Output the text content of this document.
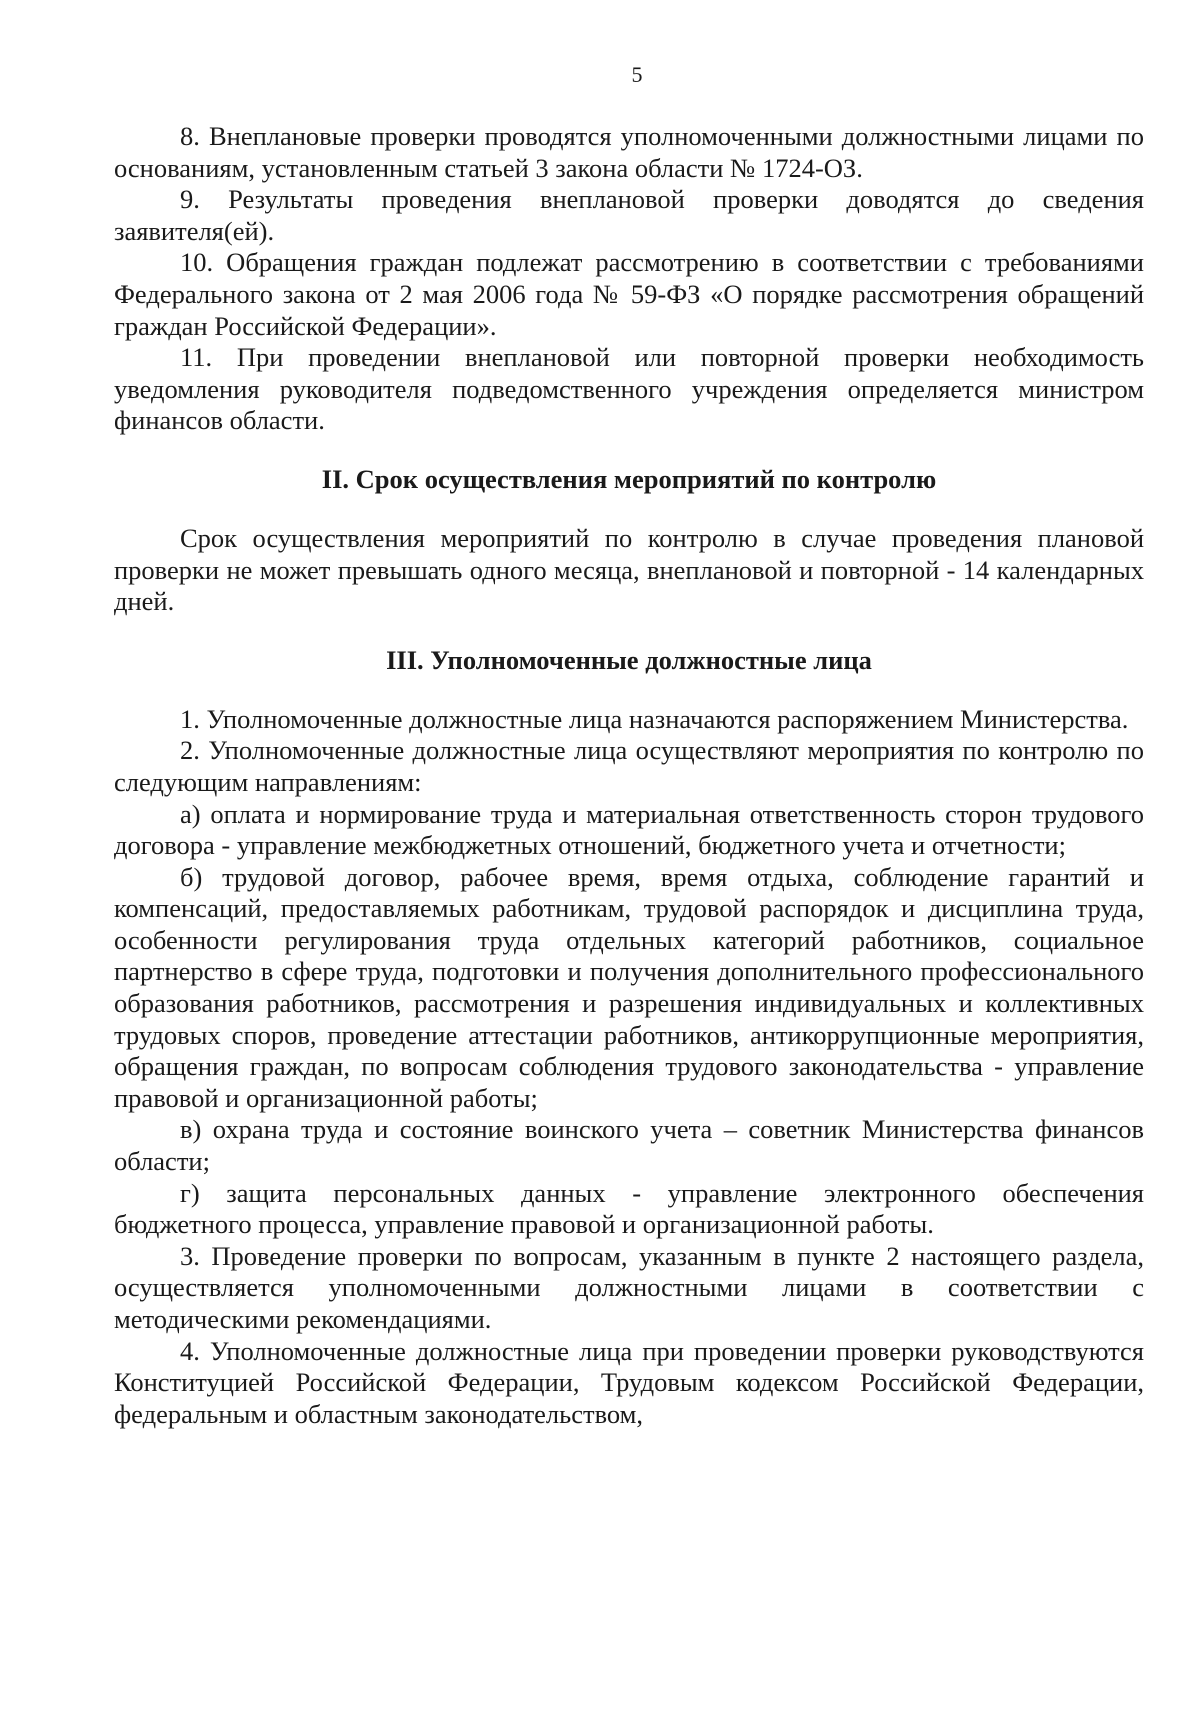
5

8. Внеплановые проверки проводятся уполномоченными должностными лицами по основаниям, установленным статьей 3 закона области № 1724-ОЗ.

9. Результаты проведения внеплановой проверки доводятся до сведения заявителя(ей).

10. Обращения граждан подлежат рассмотрению в соответствии с требованиями Федерального закона от 2 мая 2006 года № 59-ФЗ «О порядке рассмотрения обращений граждан Российской Федерации».

11. При проведении внеплановой или повторной проверки необходимость уведомления руководителя подведомственного учреждения определяется министром финансов области.

II. Срок осуществления мероприятий по контролю

Срок осуществления мероприятий по контролю в случае проведения плановой проверки не может превышать одного месяца, внеплановой и повторной - 14 календарных дней.

III. Уполномоченные должностные лица

1. Уполномоченные должностные лица назначаются распоряжением Министерства.

2. Уполномоченные должностные лица осуществляют мероприятия по контролю по следующим направлениям:

а) оплата и нормирование труда и материальная ответственность сторон трудового договора - управление межбюджетных отношений, бюджетного учета и отчетности;

б) трудовой договор, рабочее время, время отдыха, соблюдение гарантий и компенсаций, предоставляемых работникам, трудовой распорядок и дисциплина труда, особенности регулирования труда отдельных категорий работников, социальное партнерство в сфере труда, подготовки и получения дополнительного профессионального образования работников, рассмотрения и разрешения индивидуальных и коллективных трудовых споров, проведение аттестации работников, антикоррупционные мероприятия, обращения граждан, по вопросам соблюдения трудового законодательства - управление правовой и организационной работы;

в) охрана труда и состояние воинского учета – советник Министерства финансов области;

г) защита персональных данных - управление электронного обеспечения бюджетного процесса, управление правовой и организационной работы.

3. Проведение проверки по вопросам, указанным в пункте 2 настоящего раздела, осуществляется уполномоченными должностными лицами в соответствии с методическими рекомендациями.

4. Уполномоченные должностные лица при проведении проверки руководствуются Конституцией Российской Федерации, Трудовым кодексом Российской Федерации, федеральным и областным законодательством,
